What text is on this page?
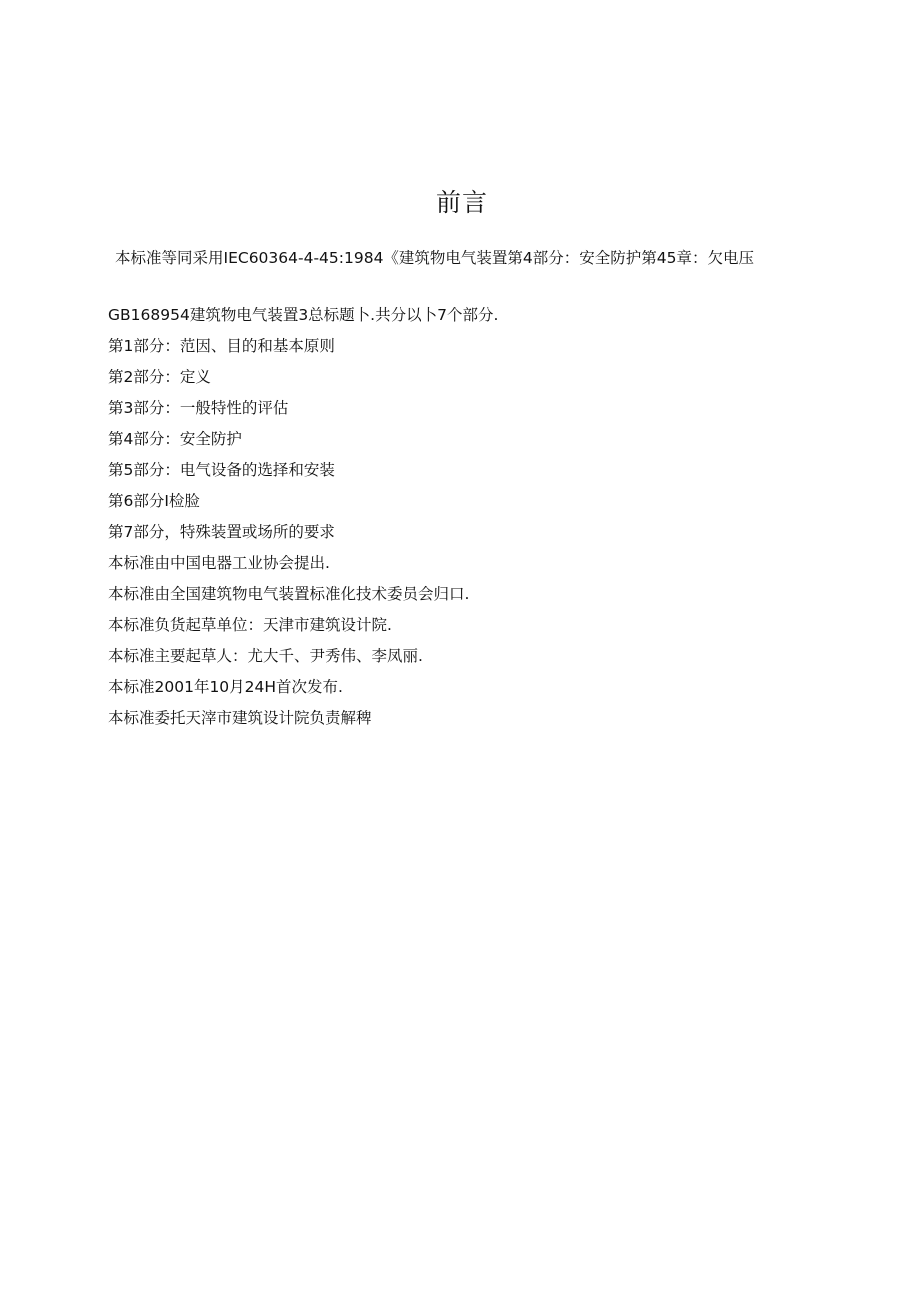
前言

本标准等同采用IEC60364-4-45:1984《建筑物电气装置第4部分：安全防护第45章：欠电压

GB168954建筑物电气装置3总标题卜.共分以卜7个部分.
第1部分：范因、目的和基本原则
第2部分：定义
第3部分：一般特性的评估
第4部分：安全防护
第5部分：电气设备的选择和安装
第6部分I检脸
第7部分，特殊装置或场所的要求
本标准由中国电器工业协会提出.
本标准由全国建筑物电气装置标准化技术委员会归口.
本标准负货起草单位：天津市建筑设计院.
本标准主要起草人：尤大千、尹秀伟、李凤丽.
本标准2001年10月24H首次发布.
本标准委托天滓市建筑设计院负责解稗
